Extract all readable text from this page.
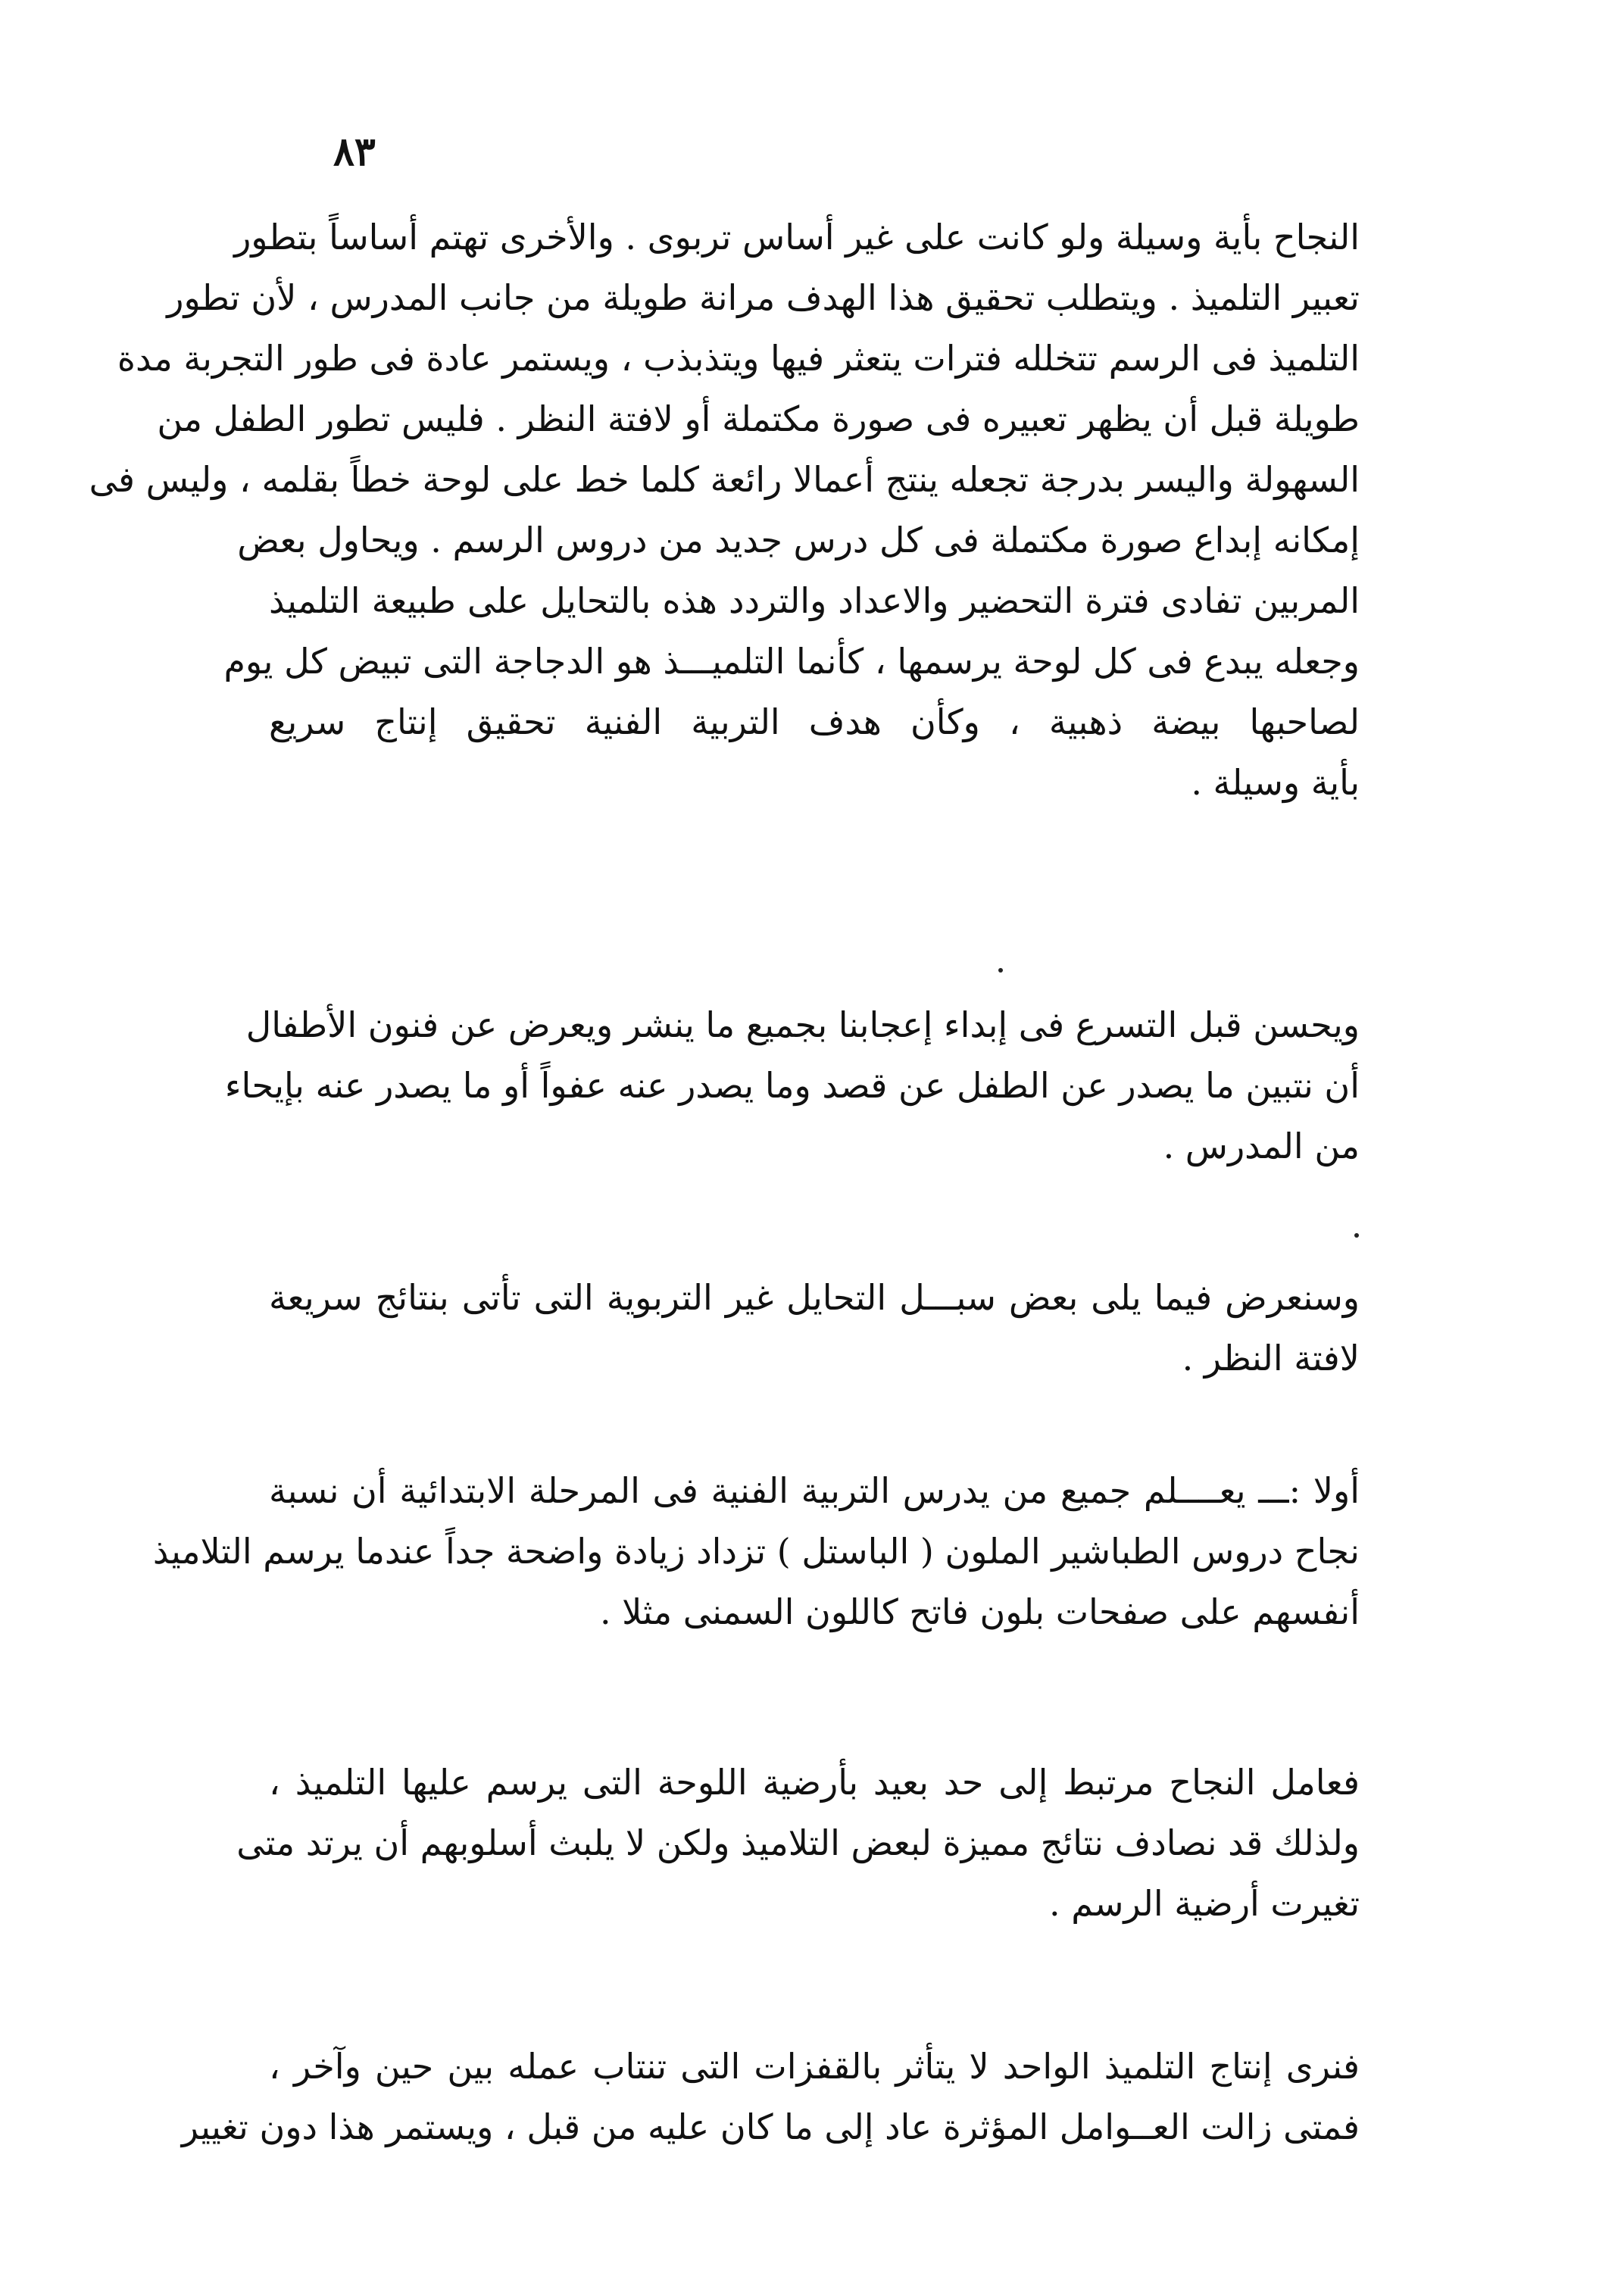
٨٣
النجاح بأية وسيلة ولو كانت على غير أساس تربوى . والأخرى تهتم أساساً بتطور
تعبير التلميذ . ويتطلب تحقيق هذا الهدف مرانة طويلة من جانب المدرس ، لأن تطور
التلميذ فى الرسم تتخلله فترات يتعثر فيها ويتذبذب ، ويستمر عادة فى طور التجربة مدة
طويلة قبل أن يظهر تعبيره فى صورة مكتملة أو لافتة النظر . فليس تطور الطفل من
السهولة واليسر بدرجة تجعله ينتج أعمالا رائعة كلما خط على لوحة خطاً بقلمه ، وليس فى
إمكانه إبداع صورة مكتملة فى كل درس جديد من دروس الرسم . ويحاول بعض
المربين تفادى فترة التحضير والاعداد والتردد هذه بالتحايل على طبيعة التلميذ
وجعله يبدع فى كل لوحة يرسمها ، كأنما التلميـــذ هو الدجاجة التى تبيض كل يوم
لصاحبها بيضة ذهبية ، وكأن هدف التربية الفنية تحقيق إنتاج سريع
بأية وسيلة .
ويحسن قبل التسرع فى إبداء إعجابنا بجميع ما ينشر ويعرض عن فنون الأطفال
أن نتبين ما يصدر عن الطفل عن قصد وما يصدر عنه عفواً أو ما يصدر عنه بإيحاء
من المدرس .
وسنعرض فيما يلى بعض سبـــل التحايل غير التربوية التى تأتى بنتائج سريعة
لافتة النظر .
أولا :ـــ يعــــلم جميع من يدرس التربية الفنية فى المرحلة الابتدائية أن نسبة
نجاح دروس الطباشير الملون ( الباستل ) تزداد زيادة واضحة جداً عندما يرسم التلاميذ
أنفسهم على صفحات بلون فاتح كاللون السمنى مثلا .
فعامل النجاح مرتبط إلى حد بعيد بأرضية اللوحة التى يرسم عليها التلميذ ،
ولذلك قد نصادف نتائج مميزة لبعض التلاميذ ولكن لا يلبث أسلوبهم أن يرتد متى
تغيرت أرضية الرسم .
فنرى إنتاج التلميذ الواحد لا يتأثر بالقفزات التى تنتاب عمله بين حين وآخر ،
فمتى زالت العــوامل المؤثرة عاد إلى ما كان عليه من قبل ، ويستمر هذا دون تغيير
